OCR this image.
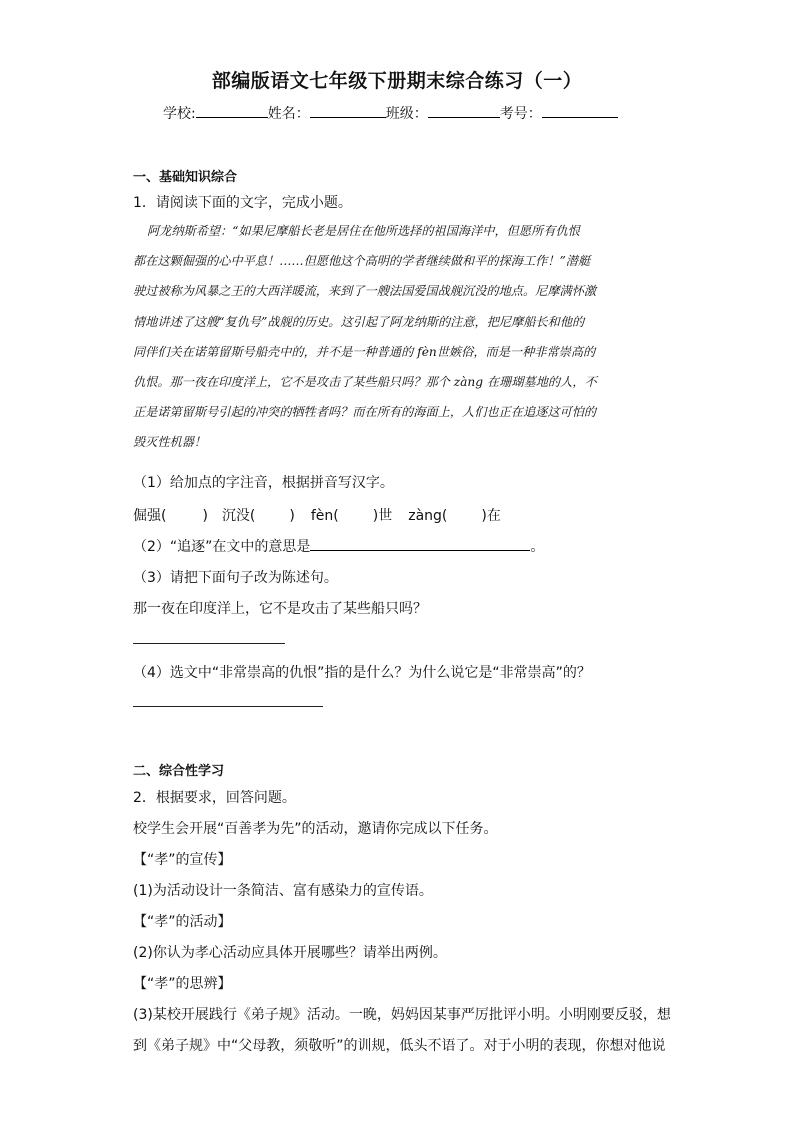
部编版语文七年级下册期末综合练习（一）
学校:	姓名：	班级：	考号：
一、基础知识综合
1．请阅读下面的文字，完成小题。
阿龙纳斯希望：“如果尼摩船长老是居住在他所选择的祖国海洋中，但愿所有仇恨
都在这颗倔强的心中平息！……但愿他这个高明的学者继续做和平的探海工作！”潜艇
驶过被称为风暴之王的大西洋暖流，来到了一艘法国爱国战舰沉没的地点。尼摩满怀激
情地讲述了这艘“复仇号”战舰的历史。这引起了阿龙纳斯的注意，把尼摩船长和他的
同伴们关在诺第留斯号船壳中的，并不是一种普通的 fèn世嫉俗，而是一种非常崇高的
仇恨。那一夜在印度洋上，它不是攻击了某些船只吗？那个 zàng 在珊瑚墓地的人，不
正是诺第留斯号引起的冲突的牺牲者吗？而在所有的海面上，人们也正在追逐这可怕的
毁灭性机器！
（1）给加点的字注音，根据拼音写汉字。
倔强(	) 沉没( ) fèn( )世 zàng( )在
（2）“追逐”在文中的意思是	。
（3）请把下面句子改为陈述句。
那一夜在印度洋上，它不是攻击了某些船只吗？
（4）选文中“非常崇高的仇恨”指的是什么？为什么说它是“非常崇高”的？
二、综合性学习
2．根据要求，回答问题。
校学生会开展“百善孝为先”的活动，邀请你完成以下任务。
【“孝”的宣传】
(1)为活动设计一条简洁、富有感染力的宣传语。
【“孝”的活动】
(2)你认为孝心活动应具体开展哪些？请举出两例。
【“孝”的思辨】
(3)某校开展践行《弟子规》活动。一晚，妈妈因某事严厉批评小明。小明刚要反驳，想
到《弟子规》中“父母教，须敬听”的训规，低头不语了。对于小明的表现，你想对他说
